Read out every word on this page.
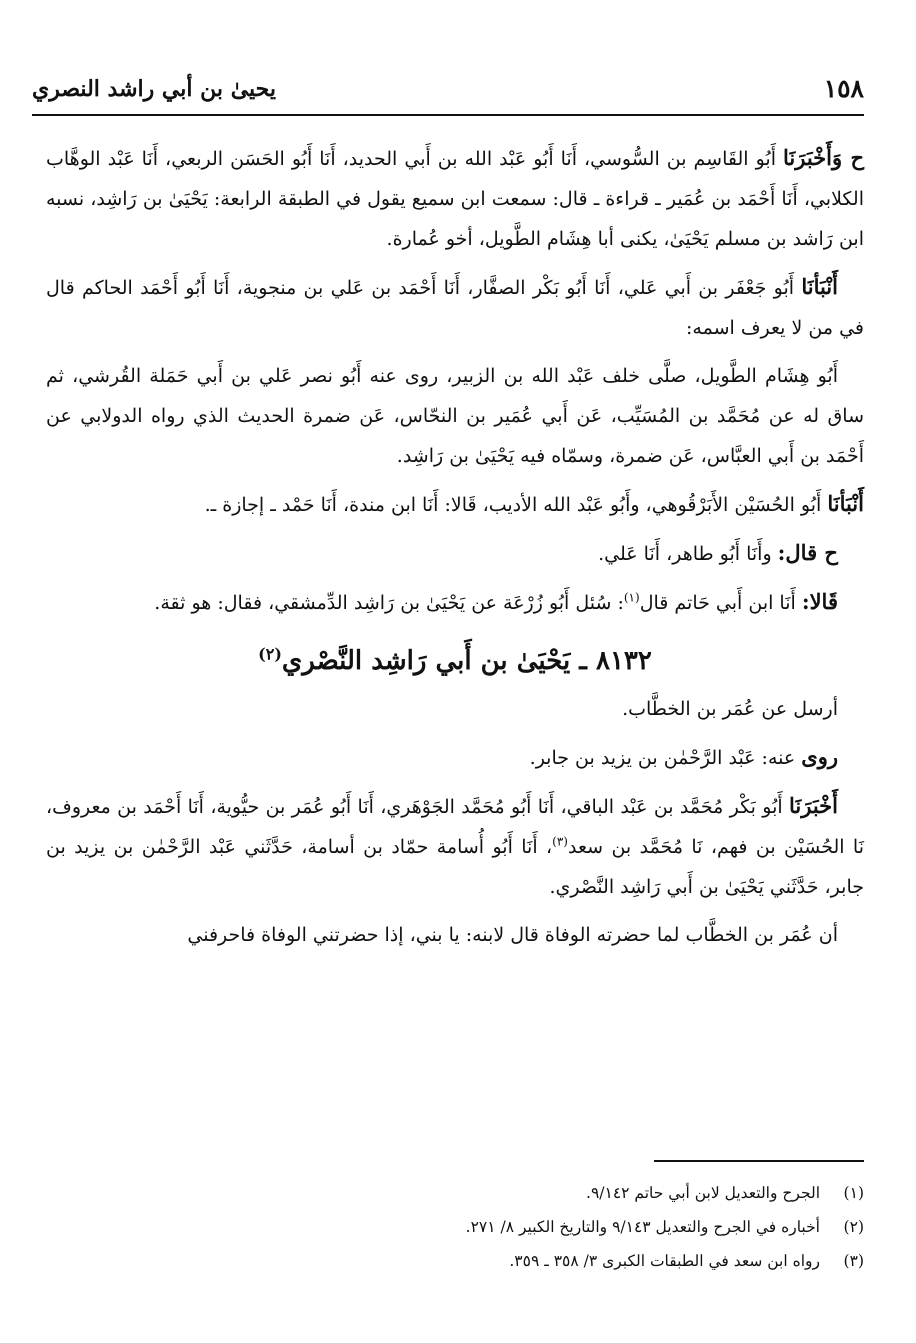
١٥٨
يحيىٰ بن أبي راشد النصري

ح وَأَخْبَرَنَا أَبُو القَاسِم بن السُّوسي، أَنَا أَبُو عَبْد الله بن أَبي الحديد، أَنَا أَبُو الحَسَن الربعي، أَنَا عَبْد الوهَّاب الكلابي، أَنَا أَحْمَد بن عُمَير ـ قراءة ـ قال: سمعت ابن سميع يقول في الطبقة الرابعة: يَحْيَىٰ بن رَاشِد، نسبه ابن رَاشد بن مسلم يَحْيَىٰ، يكنى أبا هِشَام الطَّويل، أخو عُمارة.

أَنْبَأنَا أَبُو جَعْفَر بن أَبي عَلي، أَنَا أَبُو بَكْر الصفَّار، أَنَا أَحْمَد بن عَلي بن منجوية، أَنَا أَبُو أَحْمَد الحاكم قال في من لا يعرف اسمه:

أَبُو هِشَام الطَّويل، صلَّى خلف عَبْد الله بن الزبير، روى عنه أَبُو نصر عَلي بن أَبي حَمَلة القُرشي، ثم ساق له عن مُحَمَّد بن المُسَيِّب، عَن أَبي عُمَير بن النحّاس، عَن ضمرة الحديث الذي رواه الدولابي عن أَحْمَد بن أَبي العبَّاس، عَن ضمرة، وسمّاه فيه يَحْيَىٰ بن رَاشِد.

أَنْبَأنَا أَبُو الحُسَيْن الأَبَرْقُوهي، وأَبُو عَبْد الله الأديب، قَالا: أَنَا ابن مندة، أَنَا حَمْد ـ إجازة ـ.

ح قال: وأَنَا أَبُو طاهر، أَنَا عَلي.

قَالا: أَنَا ابن أَبي حَاتم قال$^{(١)}$: سُئل أَبُو زُرْعَة عن يَحْيَىٰ بن رَاشِد الدِّمشقي، فقال: هو ثقة.

٨١٣٢ ـ يَحْيَىٰ بن أَبي رَاشِد النَّصْري$^{(٢)}$

أرسل عن عُمَر بن الخطَّاب.

روى عنه: عَبْد الرَّحْمٰن بن يزيد بن جابر.

أَخْبَرَنَا أَبُو بَكْر مُحَمَّد بن عَبْد الباقي، أَنَا أَبُو مُحَمَّد الجَوْهَري، أَنَا أَبُو عُمَر بن حيُّوية، أَنَا أَحْمَد بن معروف، نَا الحُسَيْن بن فهم، نَا مُحَمَّد بن سعد$^{(٣)}$، أَنَا أَبُو أُسامة حمّاد بن أسامة، حَدَّثَني عَبْد الرَّحْمٰن بن يزيد بن جابر، حَدَّثَني يَحْيَىٰ بن أَبي رَاشِد النَّصْري.

أن عُمَر بن الخطَّاب لما حضرته الوفاة قال لابنه: يا بني، إذا حضرتني الوفاة فاحرفني

(١)
الجرح والتعديل لابن أبي حاتم ٩/١٤٢.
(٢)
أخباره في الجرح والتعديل ٩/١٤٣ والتاريخ الكبير ٨/ ٢٧١.
(٣)
رواه ابن سعد في الطبقات الكبرى ٣/ ٣٥٨ ـ ٣٥٩.
